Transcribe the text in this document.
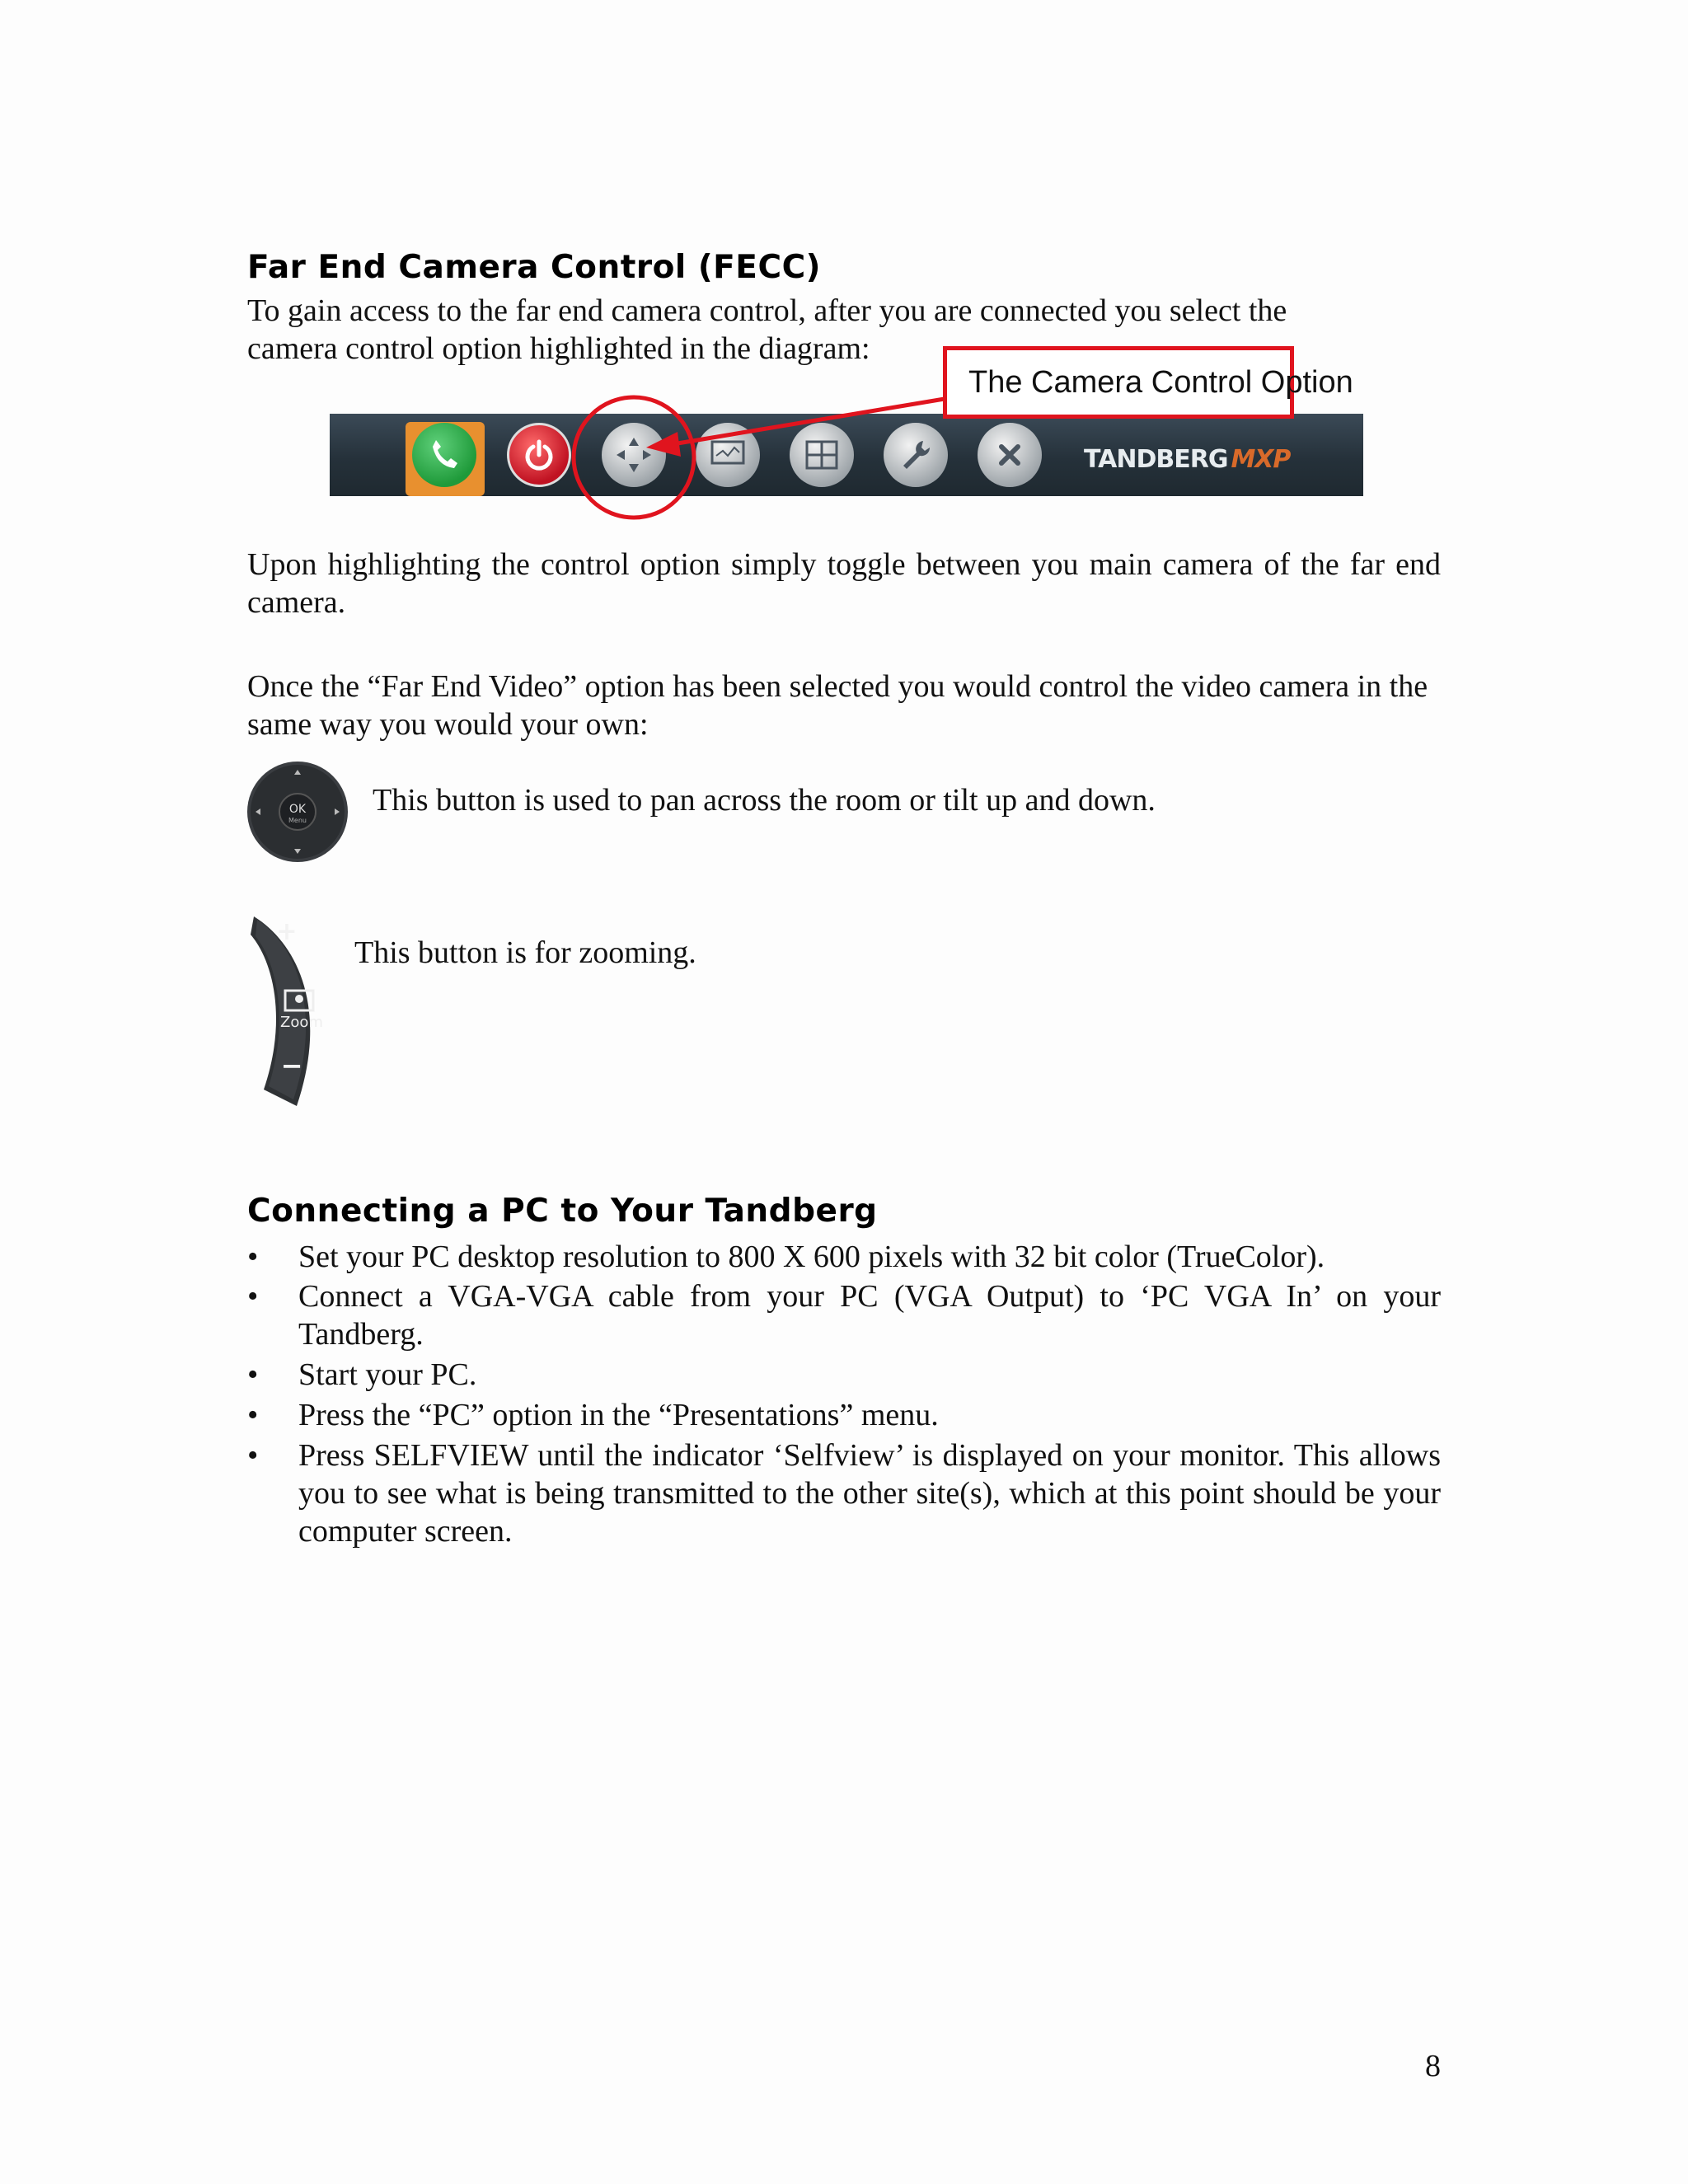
Far End Camera Control (FECC)
To gain access to the far end camera control, after you are connected you select the camera control option highlighted in the diagram:
TANDBERG MXP
The Camera Control Option
Upon highlighting the control option simply toggle between you main camera of the far end camera.
Once the “Far End Video” option has been selected you would control the video camera in the same way you would your own:
OK
Menu
This button is used to pan across the room or tilt up and down.
+
Zoom
−
This button is for zooming.
Connecting a PC to Your Tandberg
• Set your PC desktop resolution to 800 X 600 pixels with 32 bit color (TrueColor).
• Connect a VGA-VGA cable from your PC (VGA Output) to ‘PC VGA In’ on your Tandberg.
• Start your PC.
• Press the “PC” option in the “Presentations” menu.
• Press SELFVIEW until the indicator ‘Selfview’ is displayed on your monitor. This allows you to see what is being transmitted to the other site(s), which at this point should be your computer screen.
8
